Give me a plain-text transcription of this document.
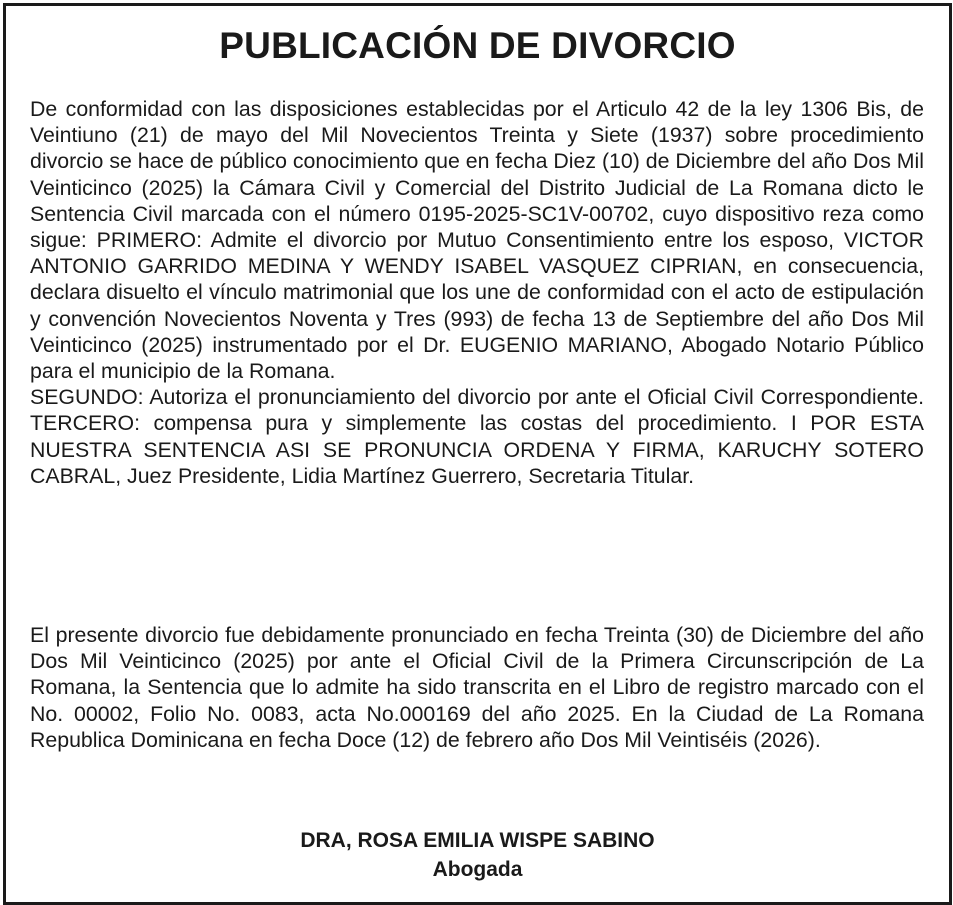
PUBLICACIÓN DE DIVORCIO
De conformidad con las disposiciones establecidas por el Articulo 42 de la ley 1306 Bis, de Veintiuno (21) de mayo del Mil Novecientos Treinta y Siete (1937) sobre procedimiento divorcio se hace de público conocimiento que en fecha Diez (10) de Diciembre del año Dos Mil Veinticinco (2025) la Cámara Civil y Comercial del Distrito Judicial de La Romana dicto le Sentencia Civil marcada con el número 0195-2025-SC1V-00702, cuyo dispositivo reza como sigue: PRIMERO: Admite el divorcio por Mutuo Consentimiento entre los esposo, VICTOR ANTONIO GARRIDO MEDINA Y WENDY ISABEL VASQUEZ CIPRIAN, en consecuencia, declara disuelto el vínculo matrimonial que los une de conformidad con el acto de estipulación y convención Novecientos Noventa y Tres (993) de fecha 13 de Septiembre del año Dos Mil Veinticinco (2025) instrumentado por el Dr. EUGENIO MARIANO, Abogado Notario Público para el municipio de la Romana.
SEGUNDO: Autoriza el pronunciamiento del divorcio por ante el Oficial Civil Correspondiente. TERCERO: compensa pura y simplemente las costas del procedimiento. I POR ESTA NUESTRA SENTENCIA ASI SE PRONUNCIA ORDENA Y FIRMA, KARUCHY SOTERO CABRAL, Juez Presidente, Lidia Martínez Guerrero, Secretaria Titular.

El presente divorcio fue debidamente pronunciado en fecha Treinta (30) de Diciembre del año Dos Mil Veinticinco (2025) por ante el Oficial Civil de la Primera Circunscripción de La Romana, la Sentencia que lo admite ha sido transcrita en el Libro de registro marcado con el No. 00002, Folio No. 0083, acta No.000169 del año 2025. En la Ciudad de La Romana Republica Dominicana en fecha Doce (12) de febrero año Dos Mil Veintiséis (2026).

DRA, ROSA EMILIA WISPE SABINO
Abogada
